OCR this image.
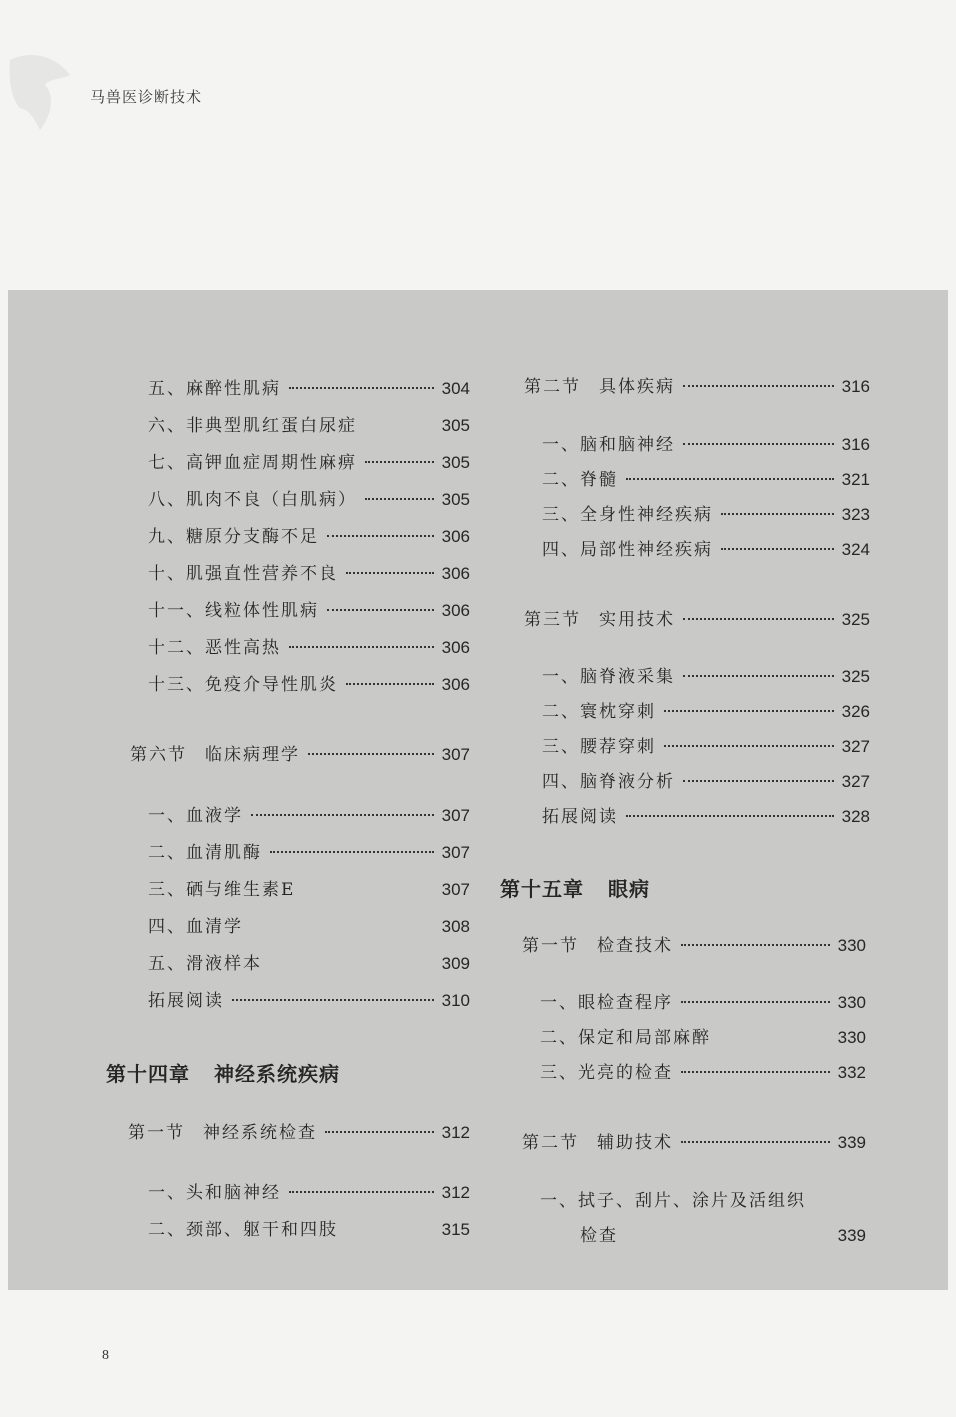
马兽医诊断技术
五、麻醉性肌病	304
六、非典型肌红蛋白尿症	305
七、高钾血症周期性麻痹	305
八、肌肉不良（白肌病）	305
九、糖原分支酶不足	306
十、肌强直性营养不良	306
十一、线粒体性肌病	306
十二、恶性高热	306
十三、免疫介导性肌炎	306
第六节 临床病理学	307
一、血液学	307
二、血清肌酶	307
三、硒与维生素E	307
四、血清学	308
五、滑液样本	309
拓展阅读	310
第十四章 神经系统疾病
第一节 神经系统检查	312
一、头和脑神经	312
二、颈部、躯干和四肢	315
第二节 具体疾病	316
一、脑和脑神经	316
二、脊髓	321
三、全身性神经疾病	323
四、局部性神经疾病	324
第三节 实用技术	325
一、脑脊液采集	325
二、寰枕穿刺	326
三、腰荐穿刺	327
四、脑脊液分析	327
拓展阅读	328
第十五章 眼病
第一节 检查技术	330
一、眼检查程序	330
二、保定和局部麻醉	330
三、光亮的检查	332
第二节 辅助技术	339
一、拭子、刮片、涂片及活组织
检查	339
8
